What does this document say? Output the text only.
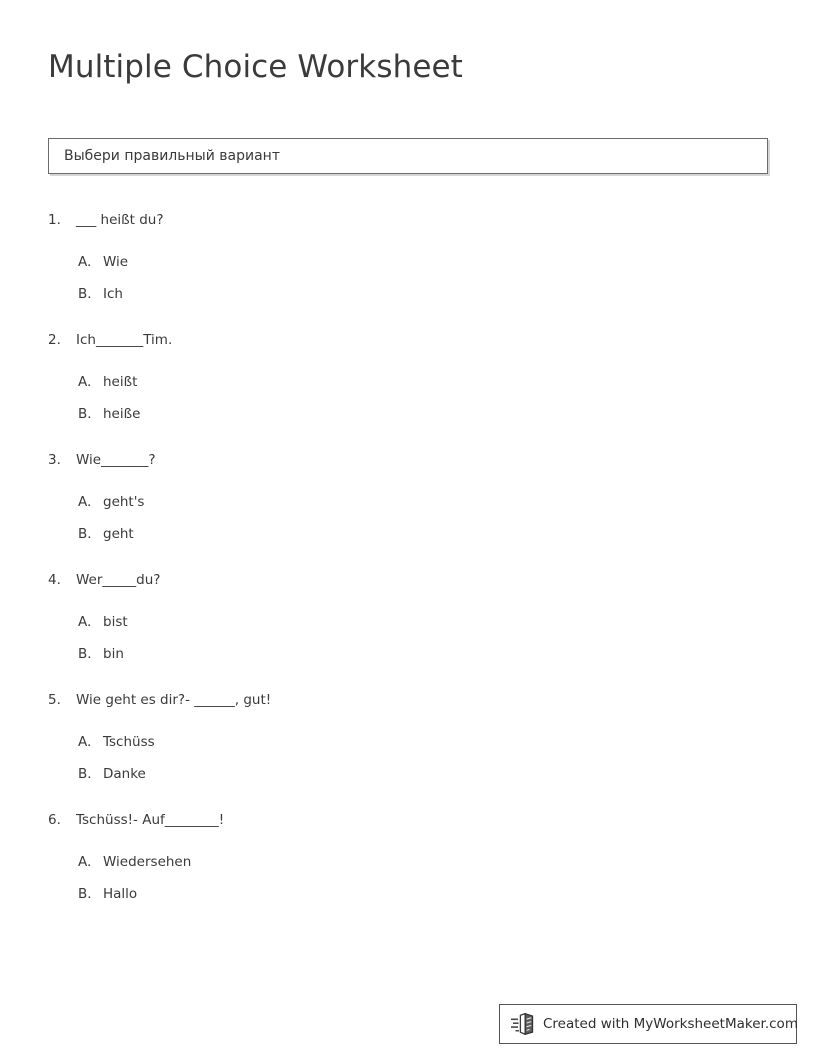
Multiple Choice Worksheet
Выбери правильный вариант
1.	___ heißt du?
A. Wie
B. Ich
2.	Ich_______Tim.
A. heißt
B. heiße
3.	Wie_______?
A. geht's
B. geht
4.	Wer_____du?
A. bist
B. bin
5.	Wie geht es dir?- ______, gut!
A. Tschüss
B. Danke
6.	Tschüss!- Auf________!
A. Wiedersehen
B. Hallo
Created with MyWorksheetMaker.com
